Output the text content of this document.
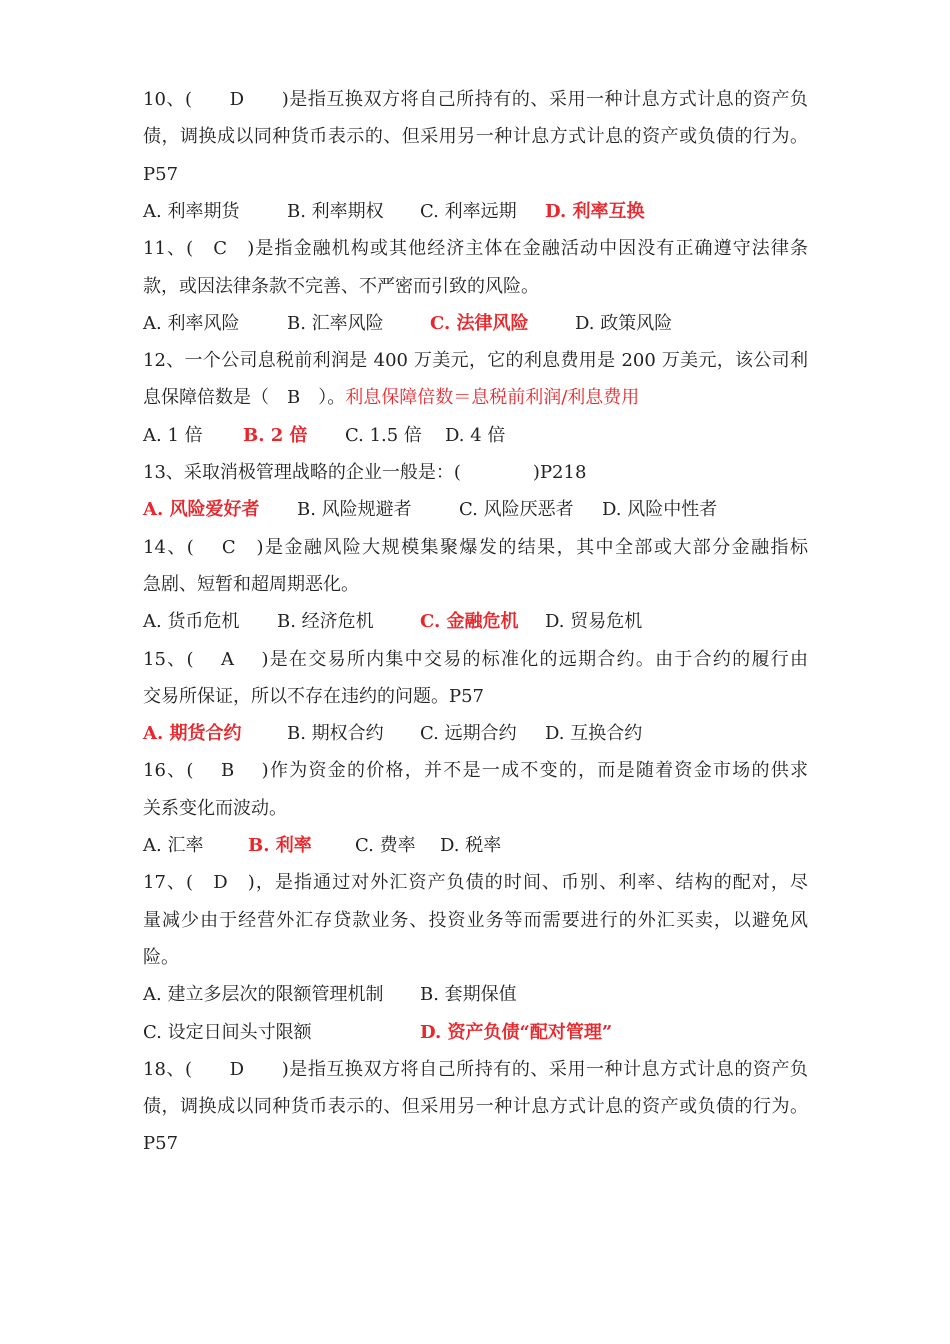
10、(　　D　　)是指互换双方将自己所持有的、采用一种计息方式计息的资产负
债，调换成以同种货币表示的、但采用另一种计息方式计息的资产或负债的行为。
P57
A. 利率期货	B. 利率期权 C. 利率远期 D. 利率互换
11、(　C　)是指金融机构或其他经济主体在金融活动中因没有正确遵守法律条
款，或因法律条款不完善、不严密而引致的风险。
A. 利率风险	B. 汇率风险	C. 法律风险	D. 政策风险
12、一个公司息税前利润是 400 万美元，它的利息费用是 200 万美元，该公司利
息保障倍数是（　B　）。利息保障倍数＝息税前利润/利息费用
A. 1 倍 B. 2 倍 C. 1.5 倍 D. 4 倍
13、采取消极管理战略的企业一般是：(　　　　)P218
A. 风险爱好者 B. 风险规避者	C. 风险厌恶者 D. 风险中性者
14、(　 C　)是金融风险大规模集聚爆发的结果，其中全部或大部分金融指标
急剧、短暂和超周期恶化。
A. 货币危机 B. 经济危机	C. 金融危机 D. 贸易危机
15、(　 A　 )是在交易所内集中交易的标准化的远期合约。由于合约的履行由
交易所保证，所以不存在违约的问题。P57
A. 期货合约	B. 期权合约 C. 远期合约 D. 互换合约
16、(　 B　 )作为资金的价格，并不是一成不变的，而是随着资金市场的供求
关系变化而波动。
A. 汇率 B. 利率 C. 费率 D. 税率
17、(　D　)，是指通过对外汇资产负债的时间、币别、利率、结构的配对，尽
量减少由于经营外汇存贷款业务、投资业务等而需要进行的外汇买卖，以避免风
险。
A. 建立多层次的限额管理机制 B. 套期保值
C. 设定日间头寸限额	D. 资产负债“配对管理”
18、(　　D　　)是指互换双方将自己所持有的、采用一种计息方式计息的资产负
债，调换成以同种货币表示的、但采用另一种计息方式计息的资产或负债的行为。
P57
